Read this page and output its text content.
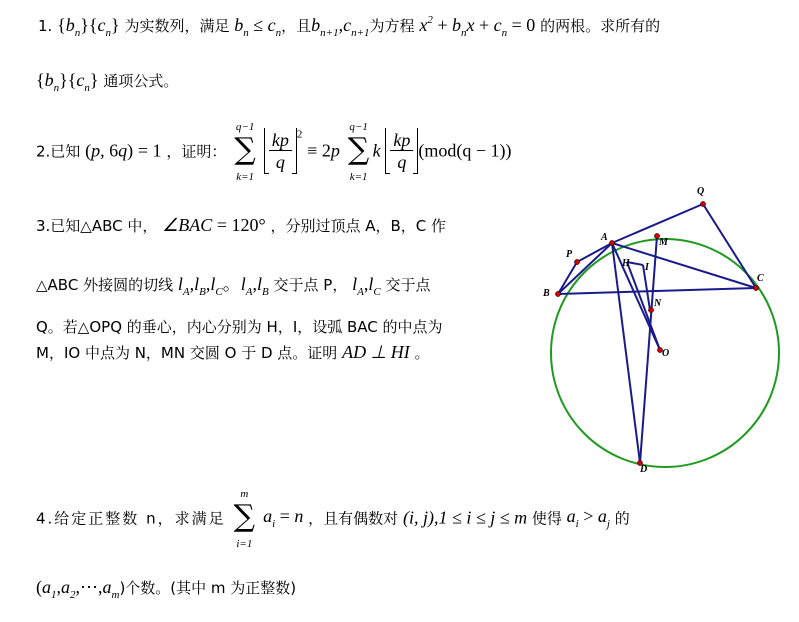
1. $\{b_n\}\{c_n\}$ 为实数列，满足 $b_n \le c_n$，且$b_{n+1},c_{n+1}$为方程 $x^2 + b_nx + c_n = 0$ 的两根。求所有的
$\{b_n\}\{c_n\}$ 通项公式。
2.已知 (p, 6q) = 1 ，证明：
q−1
∑
k=1

$\frac{kp}{q} ^2 \equiv 2p$
q−1
∑
k=1
k $\frac{kp}{q} (mod(q - 1))$
3.已知△ABC 中， ∠BAC = 120° ，分别过顶点 A，B，C 作
△ABC 外接圆的切线 $l_A,l_B,l_C$。$l_A,l_B$ 交于点 P， $l_A,l_C$ 交于点
Q。若△OPQ 的垂心，内心分别为 H，I，设弧 BAC 的中点为
M，IO 中点为 N，MN 交圆 O 于 D 点。证明 AD ⊥ HI 。
Q
A	M
P
H I
C
B
N
O
D
4.给定正整数 n，求满足
m
∑
i=1
$a_i = n$ ，且有偶数对 (i, j),1 ≤ i ≤ j ≤ m 使得 $a_i > a_j$ 的
$(a_1,a_2,\cdots,a_m)$个数。(其中 m 为正整数)
